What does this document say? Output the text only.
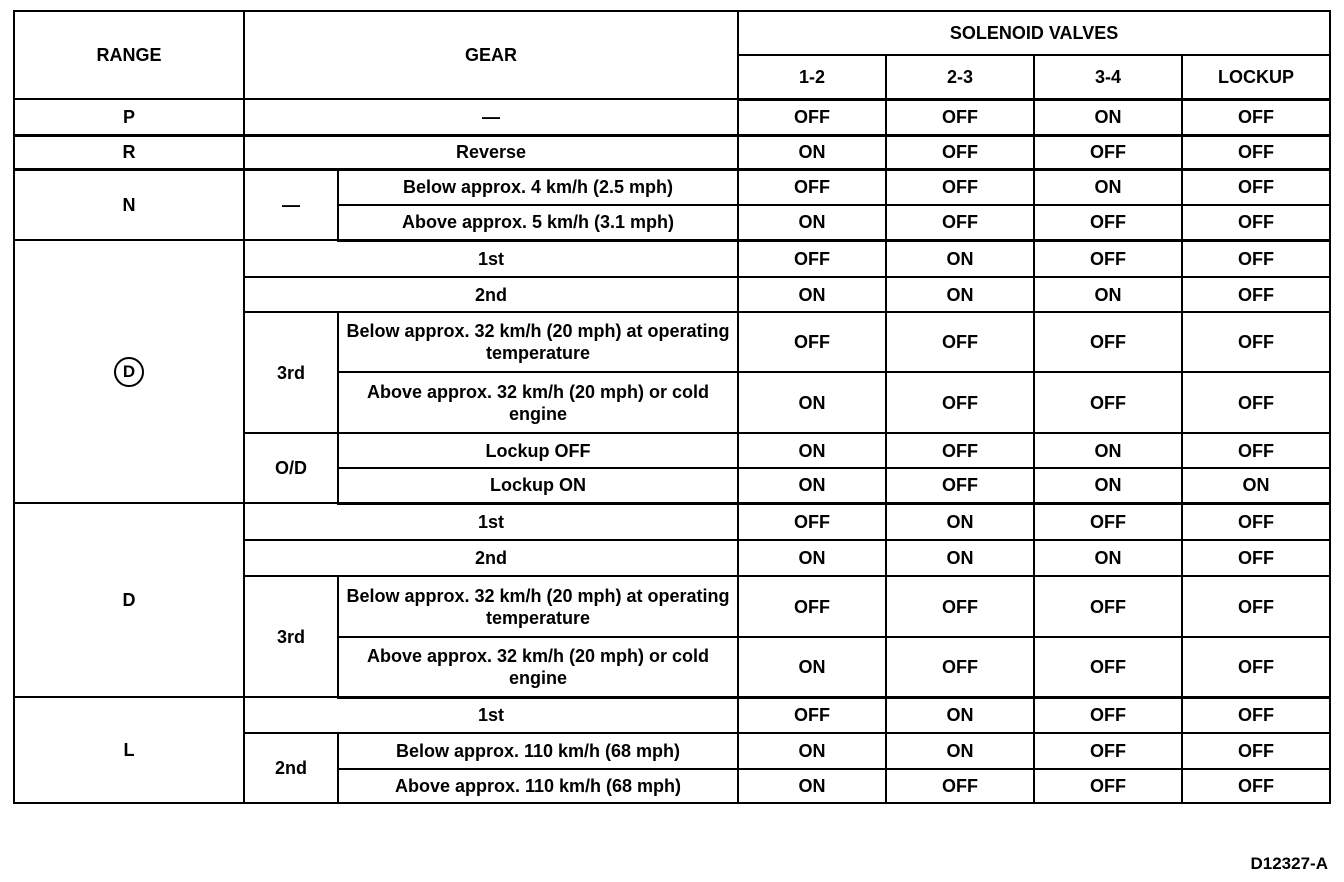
RANGE	GEAR		SOLENOID VALVES			
			1-2	2-3	3-4	LOCKUP
P	—		OFF	OFF	ON	OFF
R	Reverse		ON	OFF	OFF	OFF
N	—	Below approx. 4 km/h (2.5 mph)	OFF	OFF	ON	OFF
		Above approx. 5 km/h (3.1 mph)	ON	OFF	OFF	OFF
D	1st		OFF	ON	OFF	OFF
	2nd		ON	ON	ON	OFF
	3rd	Below approx. 32 km/h (20 mph) at operating temperature	OFF	OFF	OFF	OFF
		Above approx. 32 km/h (20 mph) or cold engine	ON	OFF	OFF	OFF
	O/D	Lockup OFF	ON	OFF	ON	OFF
		Lockup ON	ON	OFF	ON	ON
D	1st		OFF	ON	OFF	OFF
	2nd		ON	ON	ON	OFF
	3rd	Below approx. 32 km/h (20 mph) at operating temperature	OFF	OFF	OFF	OFF
		Above approx. 32 km/h (20 mph) or cold engine	ON	OFF	OFF	OFF
L	1st		OFF	ON	OFF	OFF
	2nd	Below approx. 110 km/h (68 mph)	ON	ON	OFF	OFF
		Above approx. 110 km/h (68 mph)	ON	OFF	OFF	OFF
D12327-A
